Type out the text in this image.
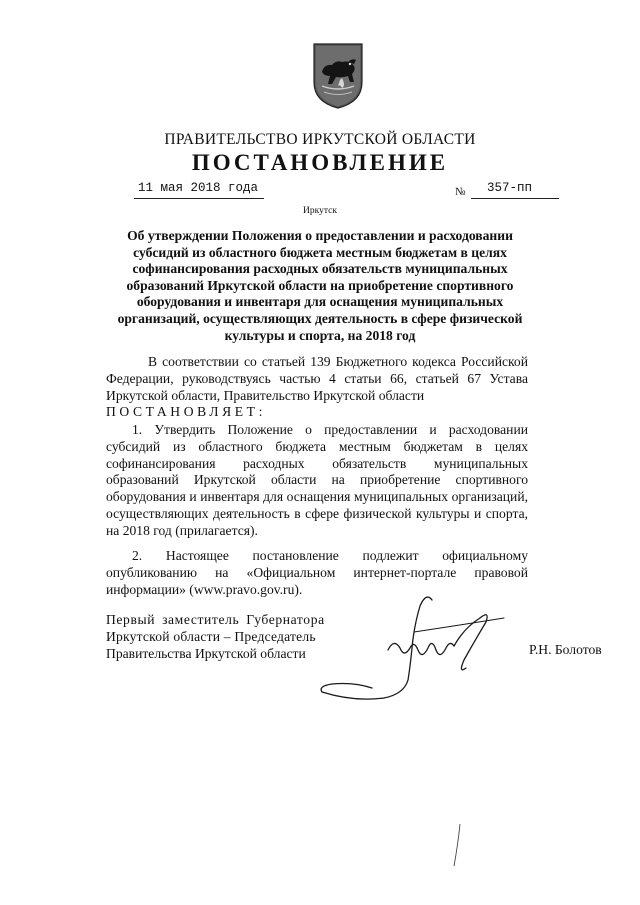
ПРАВИТЕЛЬСТВО ИРКУТСКОЙ ОБЛАСТИ
ПОСТАНОВЛЕНИЕ
11 мая 2018 года	№ 357-пп
Иркутск
Об утверждении Положения о предоставлении и расходовании субсидий из областного бюджета местным бюджетам в целях софинансирования расходных обязательств муниципальных образований Иркутской области на приобретение спортивного оборудования и инвентаря для оснащения муниципальных организаций, осуществляющих деятельность в сфере физической культуры и спорта, на 2018 год
В соответствии со статьей 139 Бюджетного кодекса Российской Федерации, руководствуясь частью 4 статьи 66, статьей 67 Устава Иркутской области, Правительство Иркутской области
ПОСТАНОВЛЯЕТ:
1. Утвердить Положение о предоставлении и расходовании субсидий из областного бюджета местным бюджетам в целях софинансирования расходных обязательств муниципальных образований Иркутской области на приобретение спортивного оборудования и инвентаря для оснащения муниципальных организаций, осуществляющих деятельность в сфере физической культуры и спорта, на 2018 год (прилагается).
2. Настоящее постановление подлежит официальному опубликованию на «Официальном интернет-портале правовой информации» (www.pravo.gov.ru).
Первый заместитель Губернатора
Иркутской области – Председатель
Правительства Иркутской области	Р.Н. Болотов
